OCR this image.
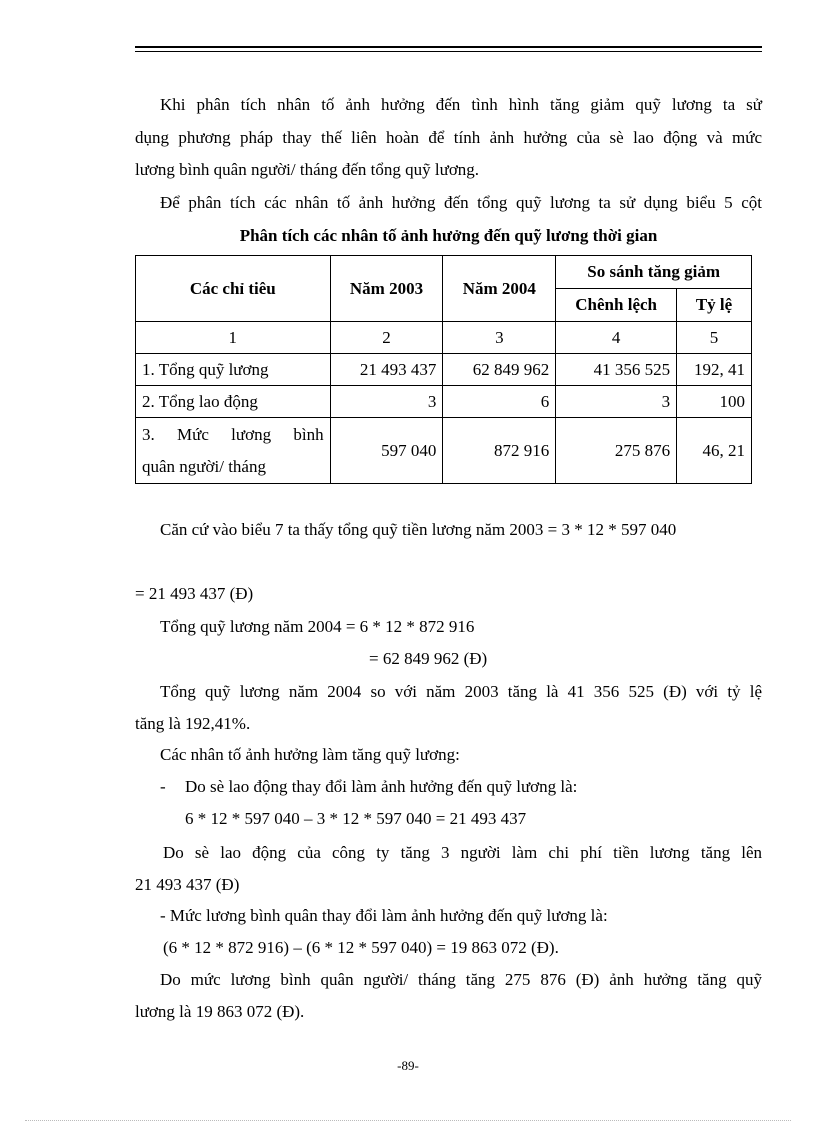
Khi phân tích nhân tố ảnh hưởng đến tình hình tăng giảm quỹ lương ta sử
dụng phương pháp thay thế liên hoàn để tính ảnh hưởng của sè lao động và mức
lương bình quân người/ tháng đến tổng quỹ lương.
Để phân tích các nhân tố ảnh hưởng đến tổng quỹ lương ta sử dụng biểu 5 cột
Phân tích các nhân tố ảnh hưởng đến quỹ lương thời gian
Các chỉ tiêu	Năm 2003	Năm 2004	So sánh tăng giảm	
			Chênh lệch	Tỷ lệ
1	2	3	4	5
1. Tổng quỹ lương	21 493 437	62 849 962	41 356 525	192, 41
2. Tổng lao động	3	6	3	100

3. Mức lương bình
quân người/ tháng	597 040	872 916	275 876	46, 21
Căn cứ vào biểu 7 ta thấy tổng quỹ tiền lương năm 2003 = 3 * 12 * 597 040
= 21 493 437 (Đ)
Tổng quỹ lương năm 2004 = 6 * 12 * 872 916
= 62 849 962 (Đ)
Tổng quỹ lương năm 2004 so với năm 2003 tăng là 41 356 525 (Đ) với tỷ lệ
tăng là 192,41%.
Các nhân tố ảnh hưởng làm tăng quỹ lương:
-	Do sè lao động thay đổi làm ảnh hưởng đến quỹ lương là:
6 * 12 * 597 040 – 3 * 12 * 597 040 = 21 493 437
Do sè lao động của công ty tăng 3 người làm chi phí tiền lương tăng lên
21 493 437 (Đ)
- Mức lương bình quân thay đổi làm ảnh hưởng đến quỹ lương là:
(6 * 12 * 872 916) – (6 * 12 * 597 040) = 19 863 072 (Đ).
Do mức lương bình quân người/ tháng tăng 275 876 (Đ) ảnh hưởng tăng quỹ
lương là 19 863 072 (Đ).
-89-
